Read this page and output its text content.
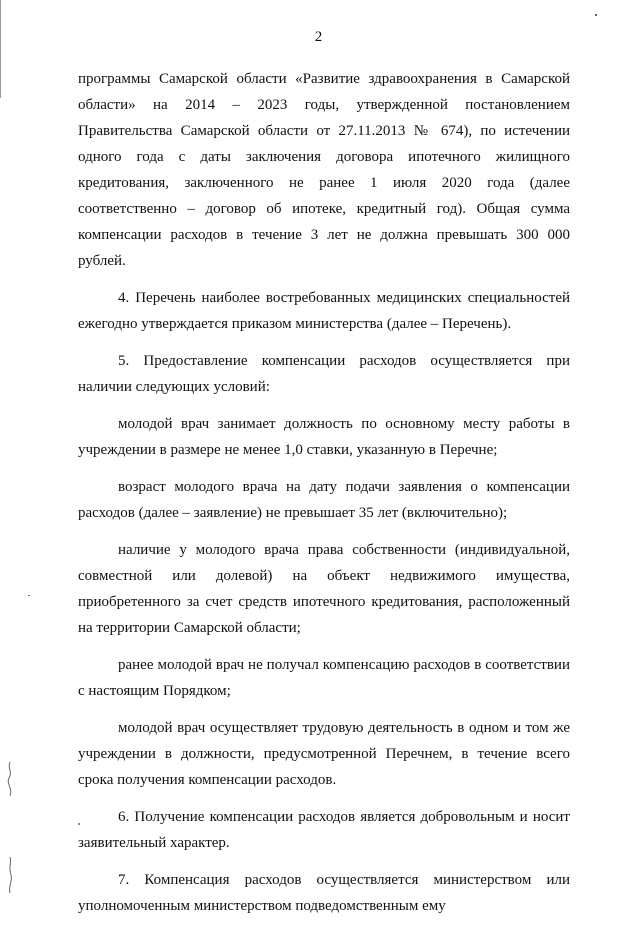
2

программы Самарской области «Развитие здравоохранения в Самарской области» на 2014 – 2023 годы, утвержденной постановлением Правительства Самарской области от 27.11.2013 № 674), по истечении одного года с даты заключения договора ипотечного жилищного кредитования, заключенного не ранее 1 июля 2020 года (далее соответственно – договор об ипотеке, кредитный год). Общая сумма компенсации расходов в течение 3 лет не должна превышать 300 000 рублей.

4. Перечень наиболее востребованных медицинских специальностей ежегодно утверждается приказом министерства (далее – Перечень).

5. Предоставление компенсации расходов осуществляется при наличии следующих условий:

молодой врач занимает должность по основному месту работы в учреждении в размере не менее 1,0 ставки, указанную в Перечне;

возраст молодого врача на дату подачи заявления о компенсации расходов (далее – заявление) не превышает 35 лет (включительно);

наличие у молодого врача права собственности (индивидуальной, совместной или долевой) на объект недвижимого имущества, приобретенного за счет средств ипотечного кредитования, расположенный на территории Самарской области;

ранее молодой врач не получал компенсацию расходов в соответствии с настоящим Порядком;

молодой врач осуществляет трудовую деятельность в одном и том же учреждении в должности, предусмотренной Перечнем, в течение всего срока получения компенсации расходов.

6. Получение компенсации расходов является добровольным и носит заявительный характер.

7. Компенсация расходов осуществляется министерством или уполномоченным министерством подведомственным ему
